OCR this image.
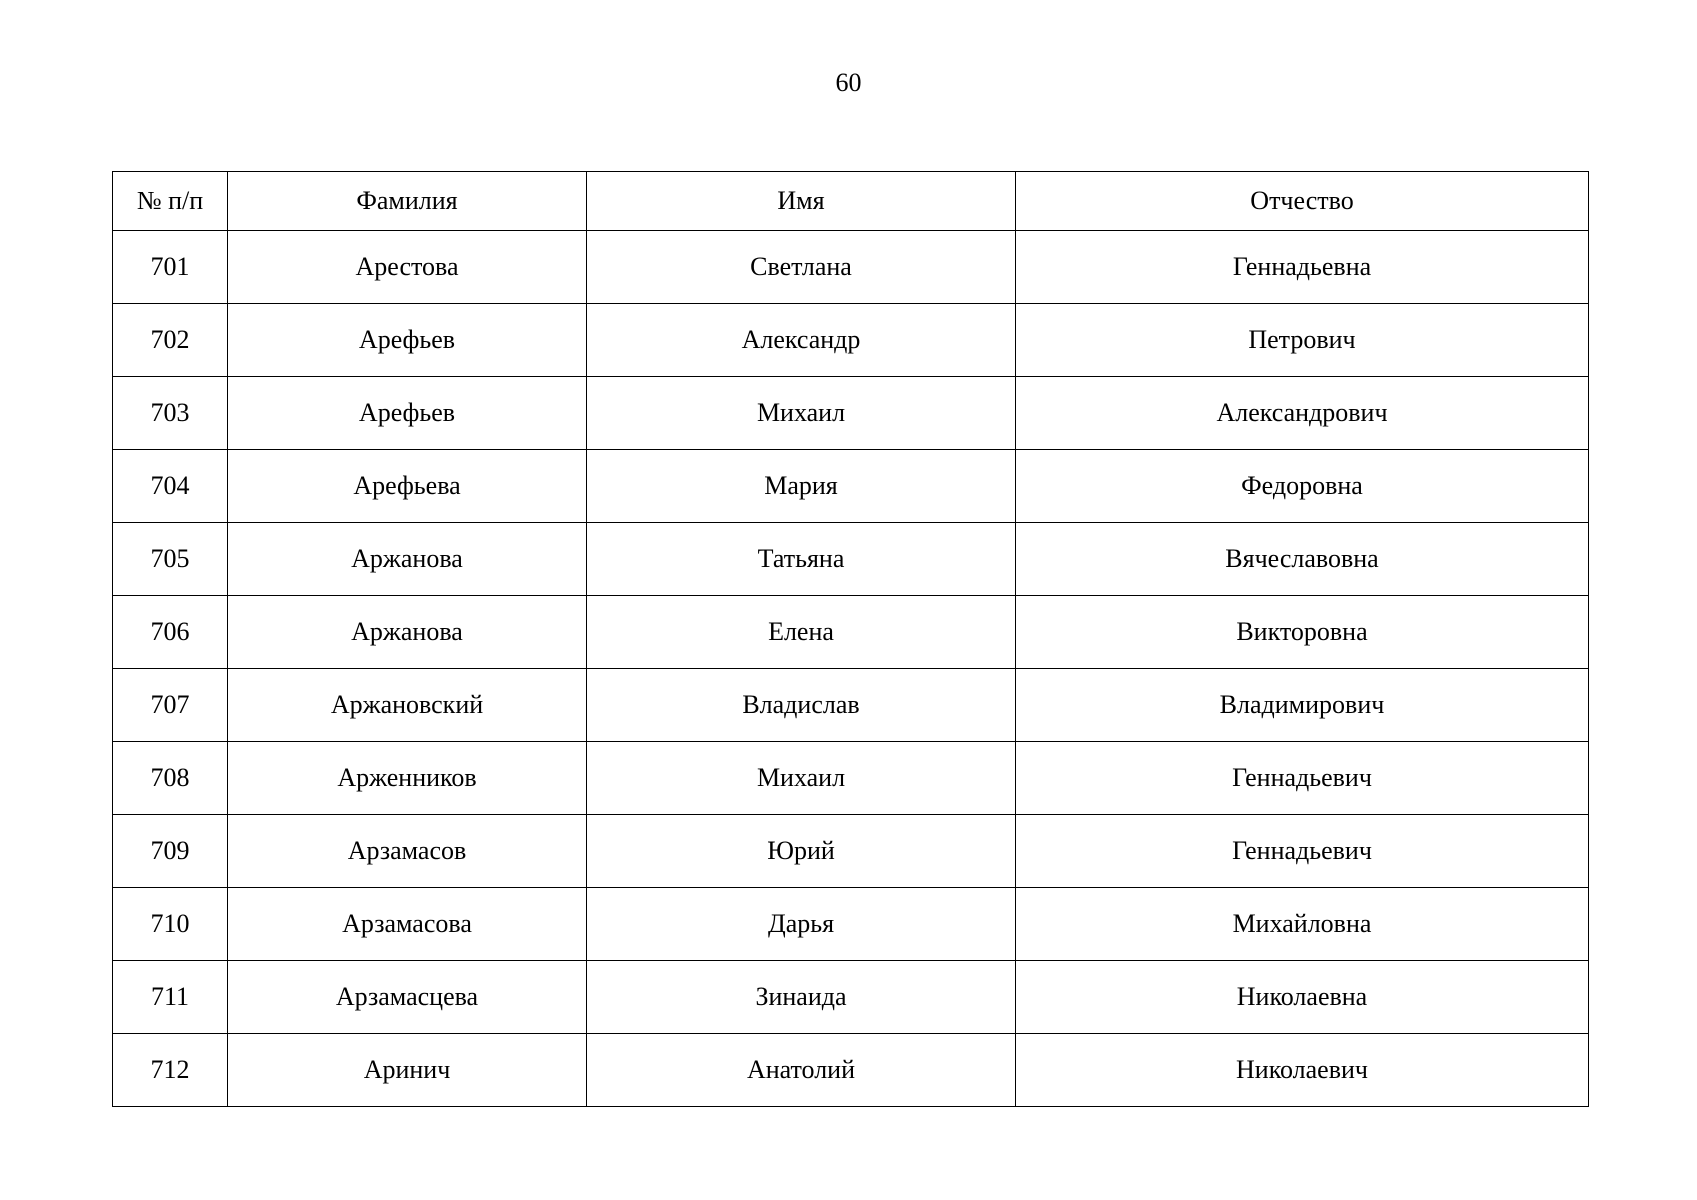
60
№ п/п	Фамилия	Имя	Отчество
701	Арестова	Светлана	Геннадьевна
702	Арефьев	Александр	Петрович
703	Арефьев	Михаил	Александрович
704	Арефьева	Мария	Федоровна
705	Аржанова	Татьяна	Вячеславовна
706	Аржанова	Елена	Викторовна
707	Аржановский	Владислав	Владимирович
708	Арженников	Михаил	Геннадьевич
709	Арзамасов	Юрий	Геннадьевич
710	Арзамасова	Дарья	Михайловна
711	Арзамасцева	Зинаида	Николаевна
712	Аринич	Анатолий	Николаевич
